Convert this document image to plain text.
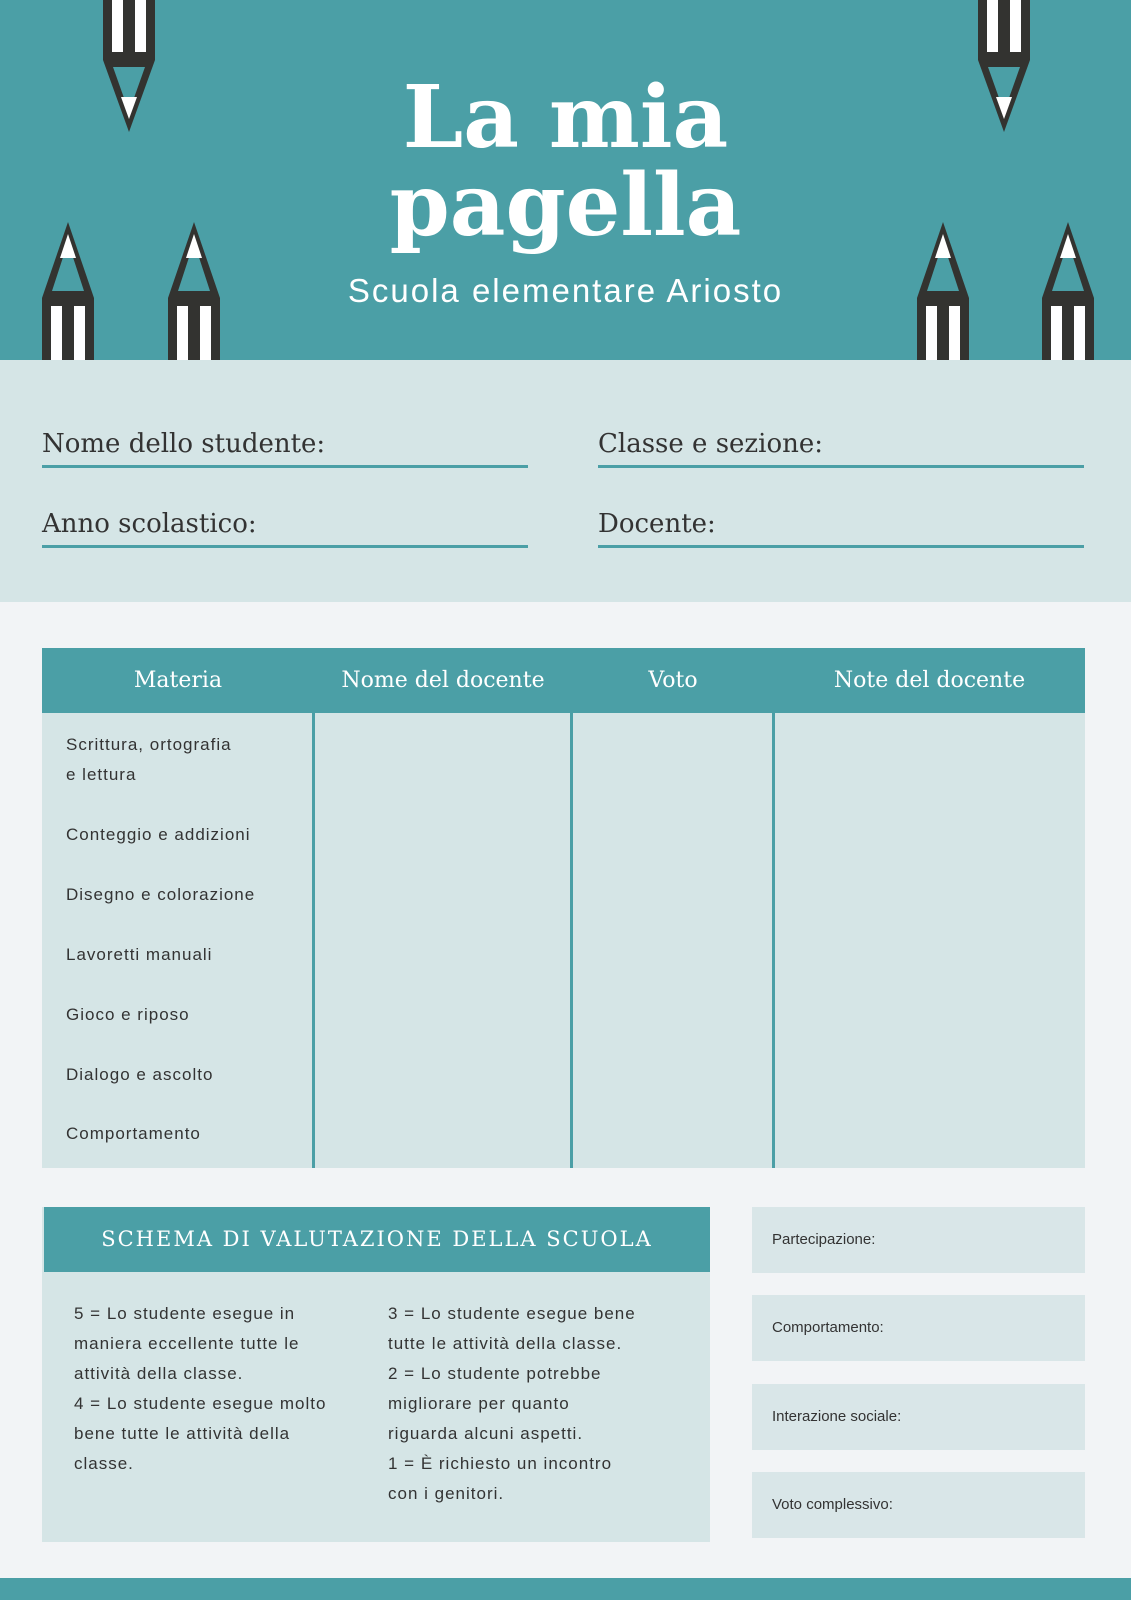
La mia
pagella
Scuola elementare Ariosto
Nome dello studente:	Classe e sezione:
Anno scolastico:	Docente:
Materia	Nome del docente	Voto	Note del docente
Scrittura, ortografia
e lettura
Conteggio e addizioni
Disegno e colorazione
Lavoretti manuali
Gioco e riposo
Dialogo e ascolto
Comportamento
SCHEMA DI VALUTAZIONE DELLA SCUOLA
5 = Lo studente esegue in
maniera eccellente tutte le
attività della classe.
4 = Lo studente esegue molto
bene tutte le attività della
classe.
3 = Lo studente esegue bene
tutte le attività della classe.
2 = Lo studente potrebbe
migliorare per quanto
riguarda alcuni aspetti.
1 = È richiesto un incontro
con i genitori.
Partecipazione:
Comportamento:
Interazione sociale:
Voto complessivo:
